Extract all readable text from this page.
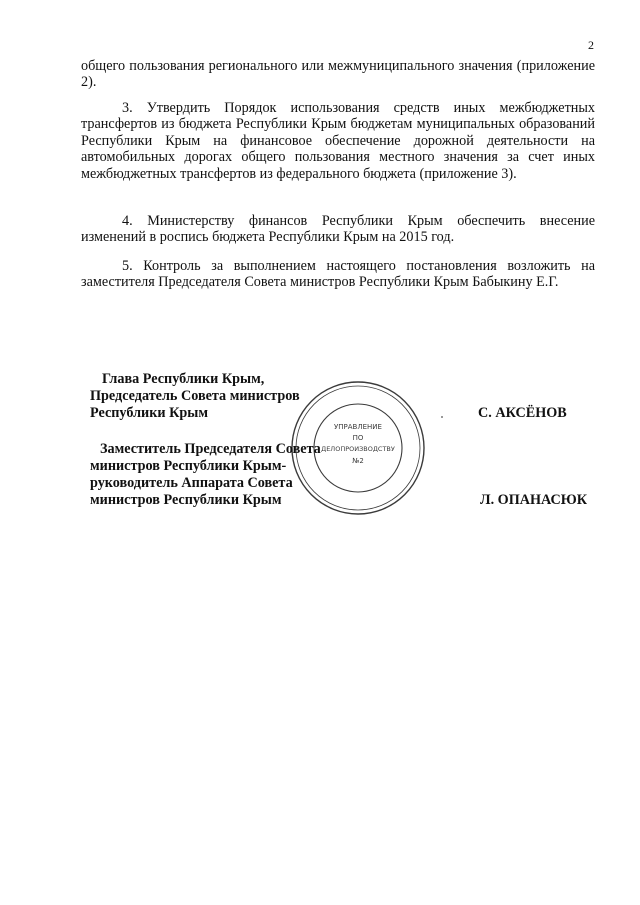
2

общего пользования регионального или межмуниципального значения (приложение 2).

3. Утвердить Порядок использования средств иных межбюджетных трансфертов из бюджета Республики Крым бюджетам муниципальных образований Республики Крым на финансовое обеспечение дорожной деятельности на автомобильных дорогах общего пользования местного значения за счет иных межбюджетных трансфертов из федерального бюджета (приложение 3).

4. Министерству финансов Республики Крым обеспечить внесение изменений в роспись бюджета Республики Крым на 2015 год.

5. Контроль за выполнением настоящего постановления возложить на заместителя Председателя Совета министров Республики Крым Бабыкину Е.Г.

УПРАВЛЕНИЕ
ПО
ДЕЛОПРОИЗВОДСТВУ
№2

Глава Республики Крым,

Председатель Совета министров

Республики Крым	С. АКСЁНОВ

Заместитель Председателя Совета

министров Республики Крым-

руководитель Аппарата Совета

министров Республики Крым	Л. ОПАНАСЮК
